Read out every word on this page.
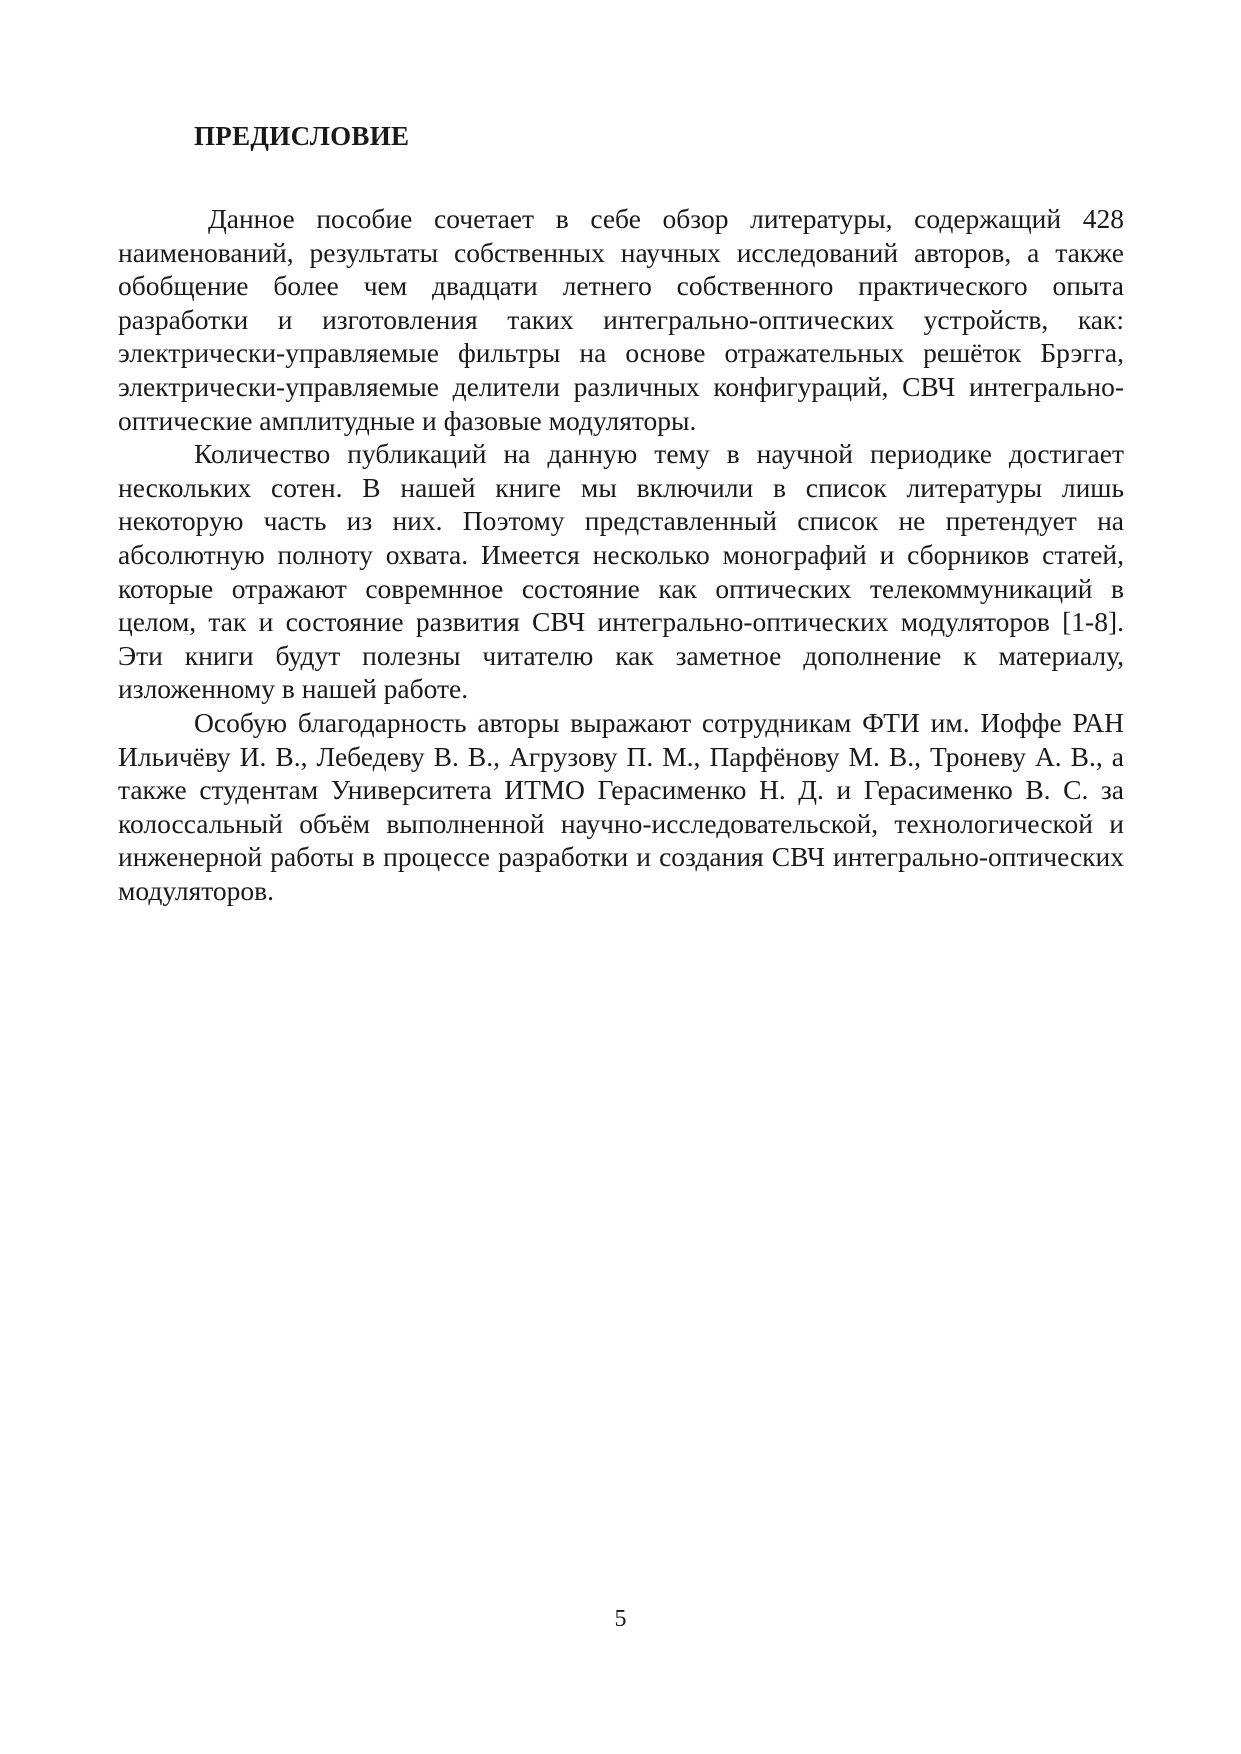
ПРЕДИСЛОВИЕ

Данное пособие сочетает в себе обзор литературы, содержащий 428 наименований, результаты собственных научных исследований авторов, а также обобщение более чем двадцати летнего собственного практического опыта разработки и изготовления таких интегрально-оптических устройств, как: электрически-управляемые фильтры на основе отражательных решёток Брэгга, электрически-управляемые делители различных конфигураций, СВЧ интегрально-оптические амплитудные и фазовые модуляторы.

Количество публикаций на данную тему в научной периодике достигает нескольких сотен. В нашей книге мы включили в список литературы лишь некоторую часть из них. Поэтому представленный список не претендует на абсолютную полноту охвата. Имеется несколько монографий и сборников статей, которые отражают совремнное состояние как оптических телекоммуникаций в целом, так и состояние развития СВЧ интегрально-оптических модуляторов [1-8]. Эти книги будут полезны читателю как заметное дополнение к материалу, изложенному в нашей работе.

Особую благодарность авторы выражают сотрудникам ФТИ им. Иоффе РАН Ильичёву И. В., Лебедеву В. В., Агрузову П. М., Парфёнову М. В., Троневу А. В., а также студентам Университета ИТМО Герасименко Н. Д. и Герасименко В. С. за колоссальный объём выполненной научно-исследовательской, технологической и инженерной работы в процессе разработки и создания СВЧ интегрально-оптических модуляторов.

5
